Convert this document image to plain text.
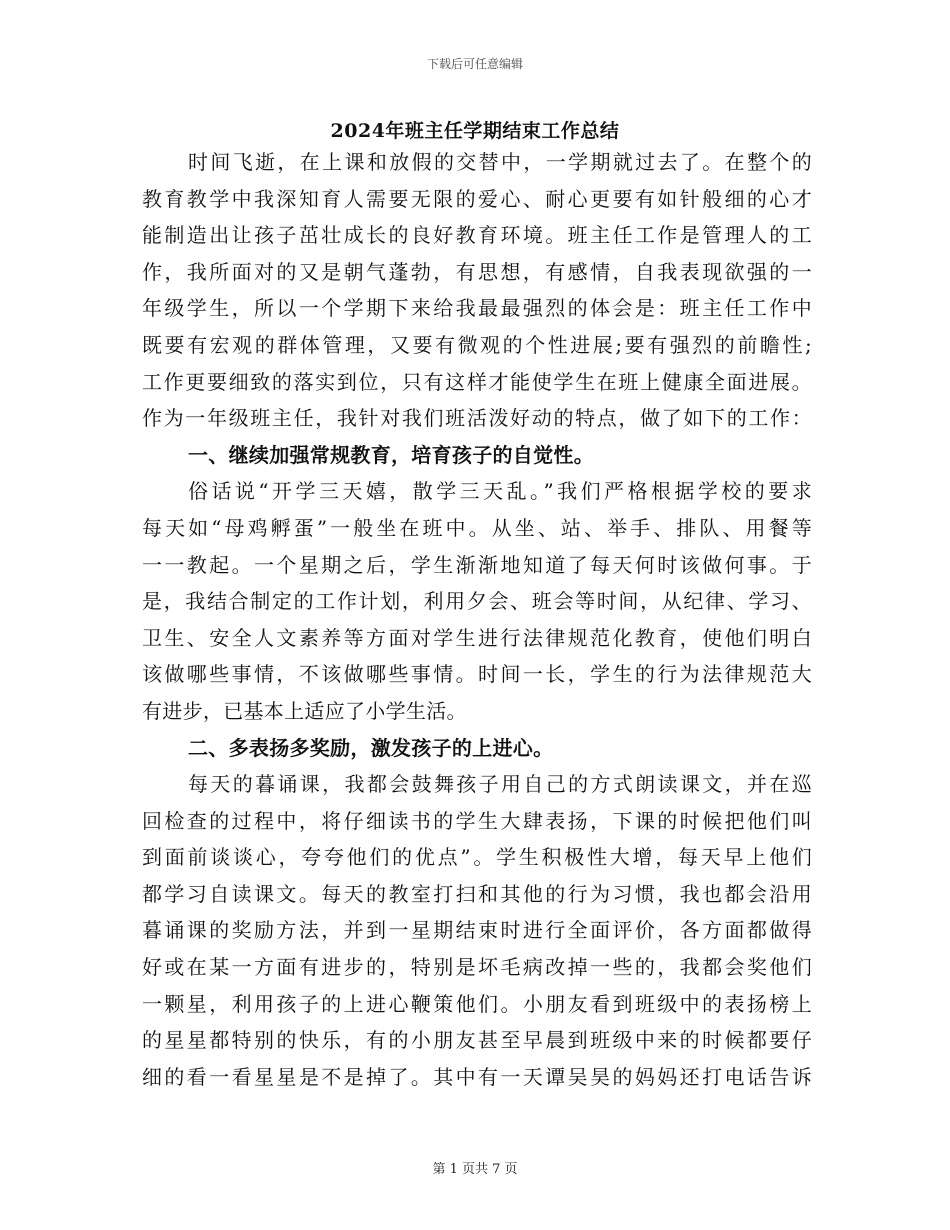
下载后可任意编辑
2024年班主任学期结束工作总结
时间飞逝，在上课和放假的交替中，一学期就过去了。在整个的
教育教学中我深知育人需要无限的爱心、耐心更要有如针般细的心才
能制造出让孩子茁壮成长的良好教育环境。班主任工作是管理人的工
作，我所面对的又是朝气蓬勃，有思想，有感情，自我表现欲强的一
年级学生，所以一个学期下来给我最最强烈的体会是：班主任工作中
既要有宏观的群体管理，又要有微观的个性进展;要有强烈的前瞻性;
工作更要细致的落实到位，只有这样才能使学生在班上健康全面进展。
作为一年级班主任，我针对我们班活泼好动的特点，做了如下的工作：
一、继续加强常规教育，培育孩子的自觉性。
俗话说“开学三天嬉，散学三天乱。”我们严格根据学校的要求
每天如“母鸡孵蛋”一般坐在班中。从坐、站、举手、排队、用餐等
一一教起。一个星期之后，学生渐渐地知道了每天何时该做何事。于
是，我结合制定的工作计划，利用夕会、班会等时间，从纪律、学习、
卫生、安全人文素养等方面对学生进行法律规范化教育，使他们明白
该做哪些事情，不该做哪些事情。时间一长，学生的行为法律规范大
有进步，已基本上适应了小学生活。
二、多表扬多奖励，激发孩子的上进心。
每天的暮诵课，我都会鼓舞孩子用自己的方式朗读课文，并在巡
回检查的过程中，将仔细读书的学生大肆表扬，下课的时候把他们叫
到面前谈谈心，夸夸他们的优点”。学生积极性大增，每天早上他们
都学习自读课文。每天的教室打扫和其他的行为习惯，我也都会沿用
暮诵课的奖励方法，并到一星期结束时进行全面评价，各方面都做得
好或在某一方面有进步的，特别是坏毛病改掉一些的，我都会奖他们
一颗星，利用孩子的上进心鞭策他们。小朋友看到班级中的表扬榜上
的星星都特别的快乐，有的小朋友甚至早晨到班级中来的时候都要仔
细的看一看星星是不是掉了。其中有一天谭吴昊的妈妈还打电话告诉
第 1 页共 7 页
